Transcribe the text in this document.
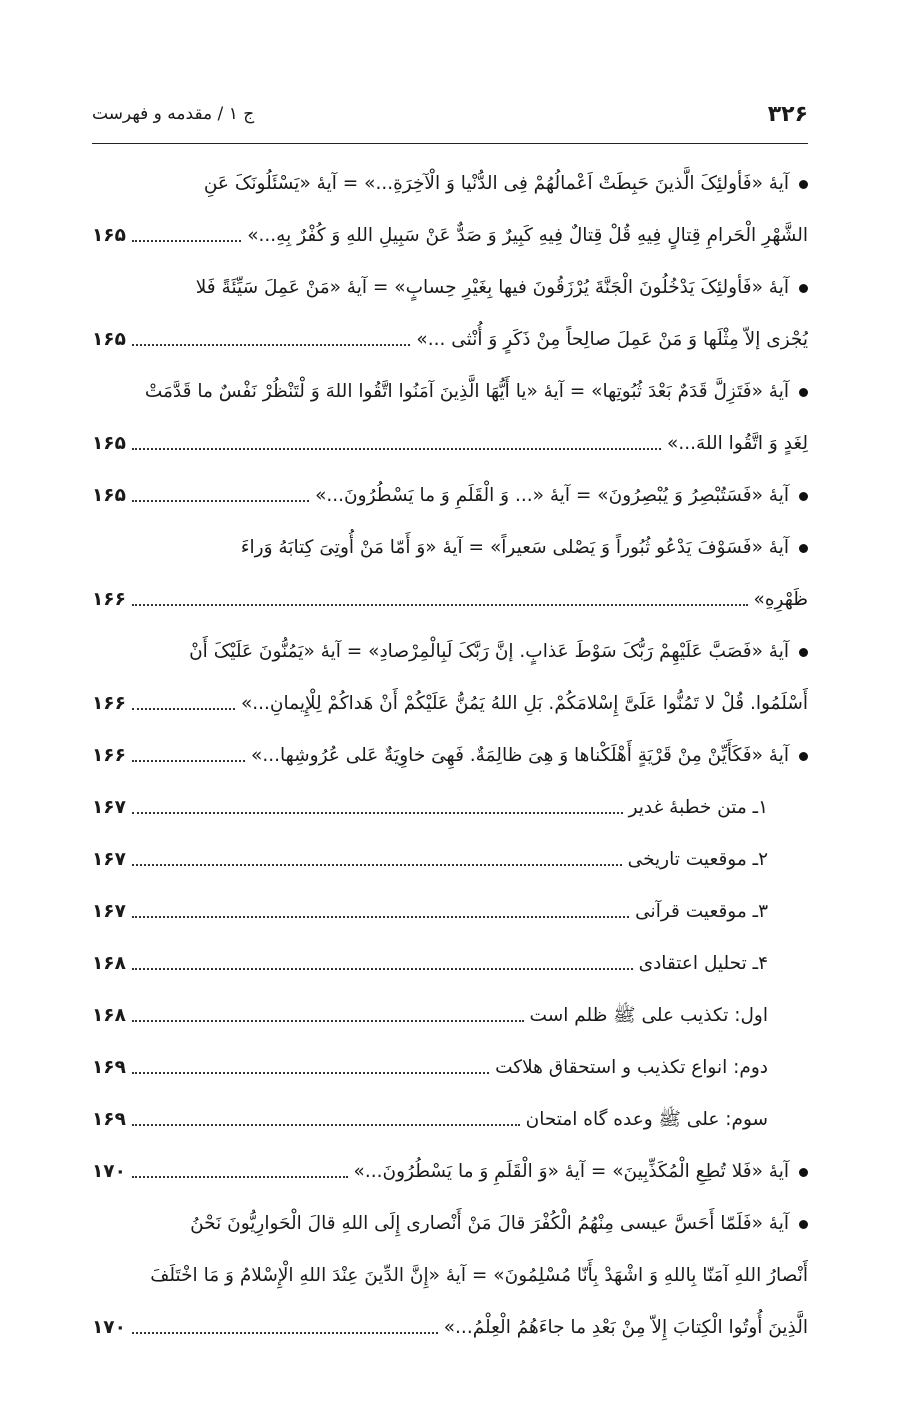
۳۲۶
ج ۱ / مقدمه و فهرست
آیهٔ «فَأولئِکَ الَّذینَ حَبِطَتْ اَعْمالُهُمْ فِی الدُّنْیا وَ الْآخِرَةِ...» = آیهٔ «یَسْئَلُونَکَ عَنِ
الشَّهْرِ الْحَرامِ قِتالٍ فِیهِ قُلْ قِتالٌ فِیهِ کَبِیرٌ وَ صَدٌّ عَنْ سَبِیلِ اللهِ وَ کُفْرٌ بِهِ...»
۱۶۵
آیهٔ «فَأولئِکَ یَدْخُلُونَ الْجَنَّةَ یُرْزَقُونَ فیها بِغَیْرِ حِسابٍ» = آیهٔ «مَنْ عَمِلَ سَیِّئَةً فَلا
یُجْزی إلاّ مِثْلَها وَ مَنْ عَمِلَ صالِحاً مِنْ ذَکَرٍ وَ أُنْثی ...»
۱۶۵
آیهٔ «فَتَزِلَّ قَدَمٌ بَعْدَ ثُبُوتِها» = آیهٔ «یا أَیُّهَا الَّذِینَ آمَنُوا اتَّقُوا اللهَ وَ لْتَنْظُرْ نَفْسٌ ما قَدَّمَتْ
لِغَدٍ وَ اتَّقُوا اللهَ...»
۱۶۵
آیهٔ «فَسَتُبْصِرُ وَ یُبْصِرُونَ» = آیهٔ «... وَ الْقَلَمِ وَ ما یَسْطُرُونَ...»
۱۶۵
آیهٔ «فَسَوْفَ یَدْعُو ثُبُوراً وَ یَصْلی سَعیراً» = آیهٔ «وَ أَمّا مَنْ أُوتِیَ کِتابَهُ وَراءَ
ظَهْرِهِ»
۱۶۶
آیهٔ «فَصَبَّ عَلَیْهِمْ رَبُّکَ سَوْطَ عَذابٍ. إنَّ رَبَّکَ لَبِالْمِرْصادِ» = آیهٔ «یَمُنُّونَ عَلَیْکَ أَنْ
أَسْلَمُوا. قُلْ لا تَمُنُّوا عَلَیَّ إِسْلامَکُمْ. بَلِ اللهُ یَمُنُّ عَلَیْکُمْ أَنْ هَداکُمْ لِلْإِیمانِ...»
۱۶۶
آیهٔ «فَکَأَیِّنْ مِنْ قَرْیَةٍ أَهْلَکْناها وَ هِیَ ظالِمَةٌ. فَهِیَ خاوِیَةٌ عَلی عُرُوشِها...»
۱۶۶
۱ـ متن خطبهٔ غدیر
۱۶۷
۲ـ موقعیت تاریخی
۱۶۷
۳ـ موقعیت قرآنی
۱۶۷
۴ـ تحلیل اعتقادی
۱۶۸
اول: تکذیب علی ﷺ ظلم است
۱۶۸
دوم: انواع تکذیب و استحقاق هلاکت
۱۶۹
سوم: علی ﷺ وعده گاه امتحان
۱۶۹
آیهٔ «فَلا تُطِعِ الْمُکَذِّبِینَ» = آیهٔ «وَ الْقَلَمِ وَ ما یَسْطُرُونَ...»
۱۷۰
آیهٔ «فَلَمّا أَحَسَّ عیسی مِنْهُمُ الْکُفْرَ قالَ مَنْ أَنْصاری إِلَی اللهِ قالَ الْحَوارِیُّونَ نَحْنُ
أَنْصارُ اللهِ آمَنّا بِاللهِ وَ اشْهَدْ بِأَنّا مُسْلِمُونَ» = آیهٔ «إِنَّ الدِّینَ عِنْدَ اللهِ الْإِسْلامُ وَ مَا اخْتَلَفَ
الَّذِینَ أُوتُوا الْکِتابَ إِلاّ مِنْ بَعْدِ ما جاءَهُمُ الْعِلْمُ...»
۱۷۰
